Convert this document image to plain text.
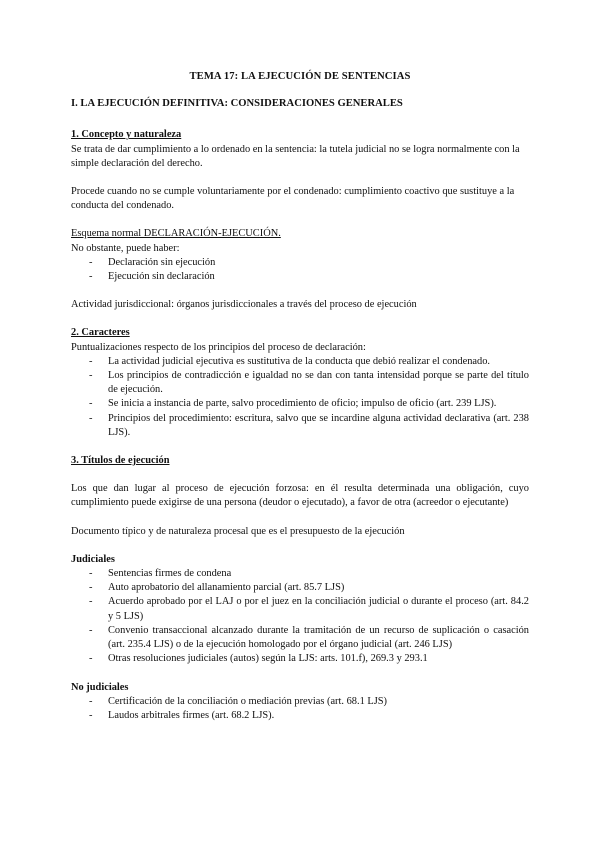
TEMA 17: LA EJECUCIÓN DE SENTENCIAS

I. LA EJECUCIÓN DEFINITIVA: CONSIDERACIONES GENERALES

1. Concepto y naturaleza

Se trata de dar cumplimiento a lo ordenado en la sentencia: la tutela judicial no se logra normalmente con la simple declaración del derecho.

Procede cuando no se cumple voluntariamente por el condenado: cumplimiento coactivo que sustituye a la conducta del condenado.

Esquema normal DECLARACIÓN-EJECUCIÓN.

No obstante, puede haber:

- Declaración sin ejecución
- Ejecución sin declaración

Actividad jurisdiccional: órganos jurisdiccionales a través del proceso de ejecución

2. Caracteres

Puntualizaciones respecto de los principios del proceso de declaración:

- La actividad judicial ejecutiva es sustitutiva de la conducta que debió realizar el condenado.
- Los principios de contradicción e igualdad no se dan con tanta intensidad porque se parte del título de ejecución.
- Se inicia a instancia de parte, salvo procedimiento de oficio; impulso de oficio (art. 239 LJS).
- Principios del procedimiento: escritura, salvo que se incardine alguna actividad declarativa (art. 238 LJS).

3. Títulos de ejecución

Los que dan lugar al proceso de ejecución forzosa: en él resulta determinada una obligación, cuyo cumplimiento puede exigirse de una persona (deudor o ejecutado), a favor de otra (acreedor o ejecutante)

Documento típico y de naturaleza procesal que es el presupuesto de la ejecución

Judiciales

- Sentencias firmes de condena
- Auto aprobatorio del allanamiento parcial (art. 85.7 LJS)
- Acuerdo aprobado por el LAJ o por el juez en la conciliación judicial o durante el proceso (art. 84.2 y 5 LJS)
- Convenio transaccional alcanzado durante la tramitación de un recurso de suplicación o casación (art. 235.4 LJS) o de la ejecución homologado por el órgano judicial (art. 246 LJS)
- Otras resoluciones judiciales (autos) según la LJS: arts. 101.f), 269.3 y 293.1

No judiciales

- Certificación de la conciliación o mediación previas (art. 68.1 LJS)
- Laudos arbitrales firmes (art. 68.2 LJS).
